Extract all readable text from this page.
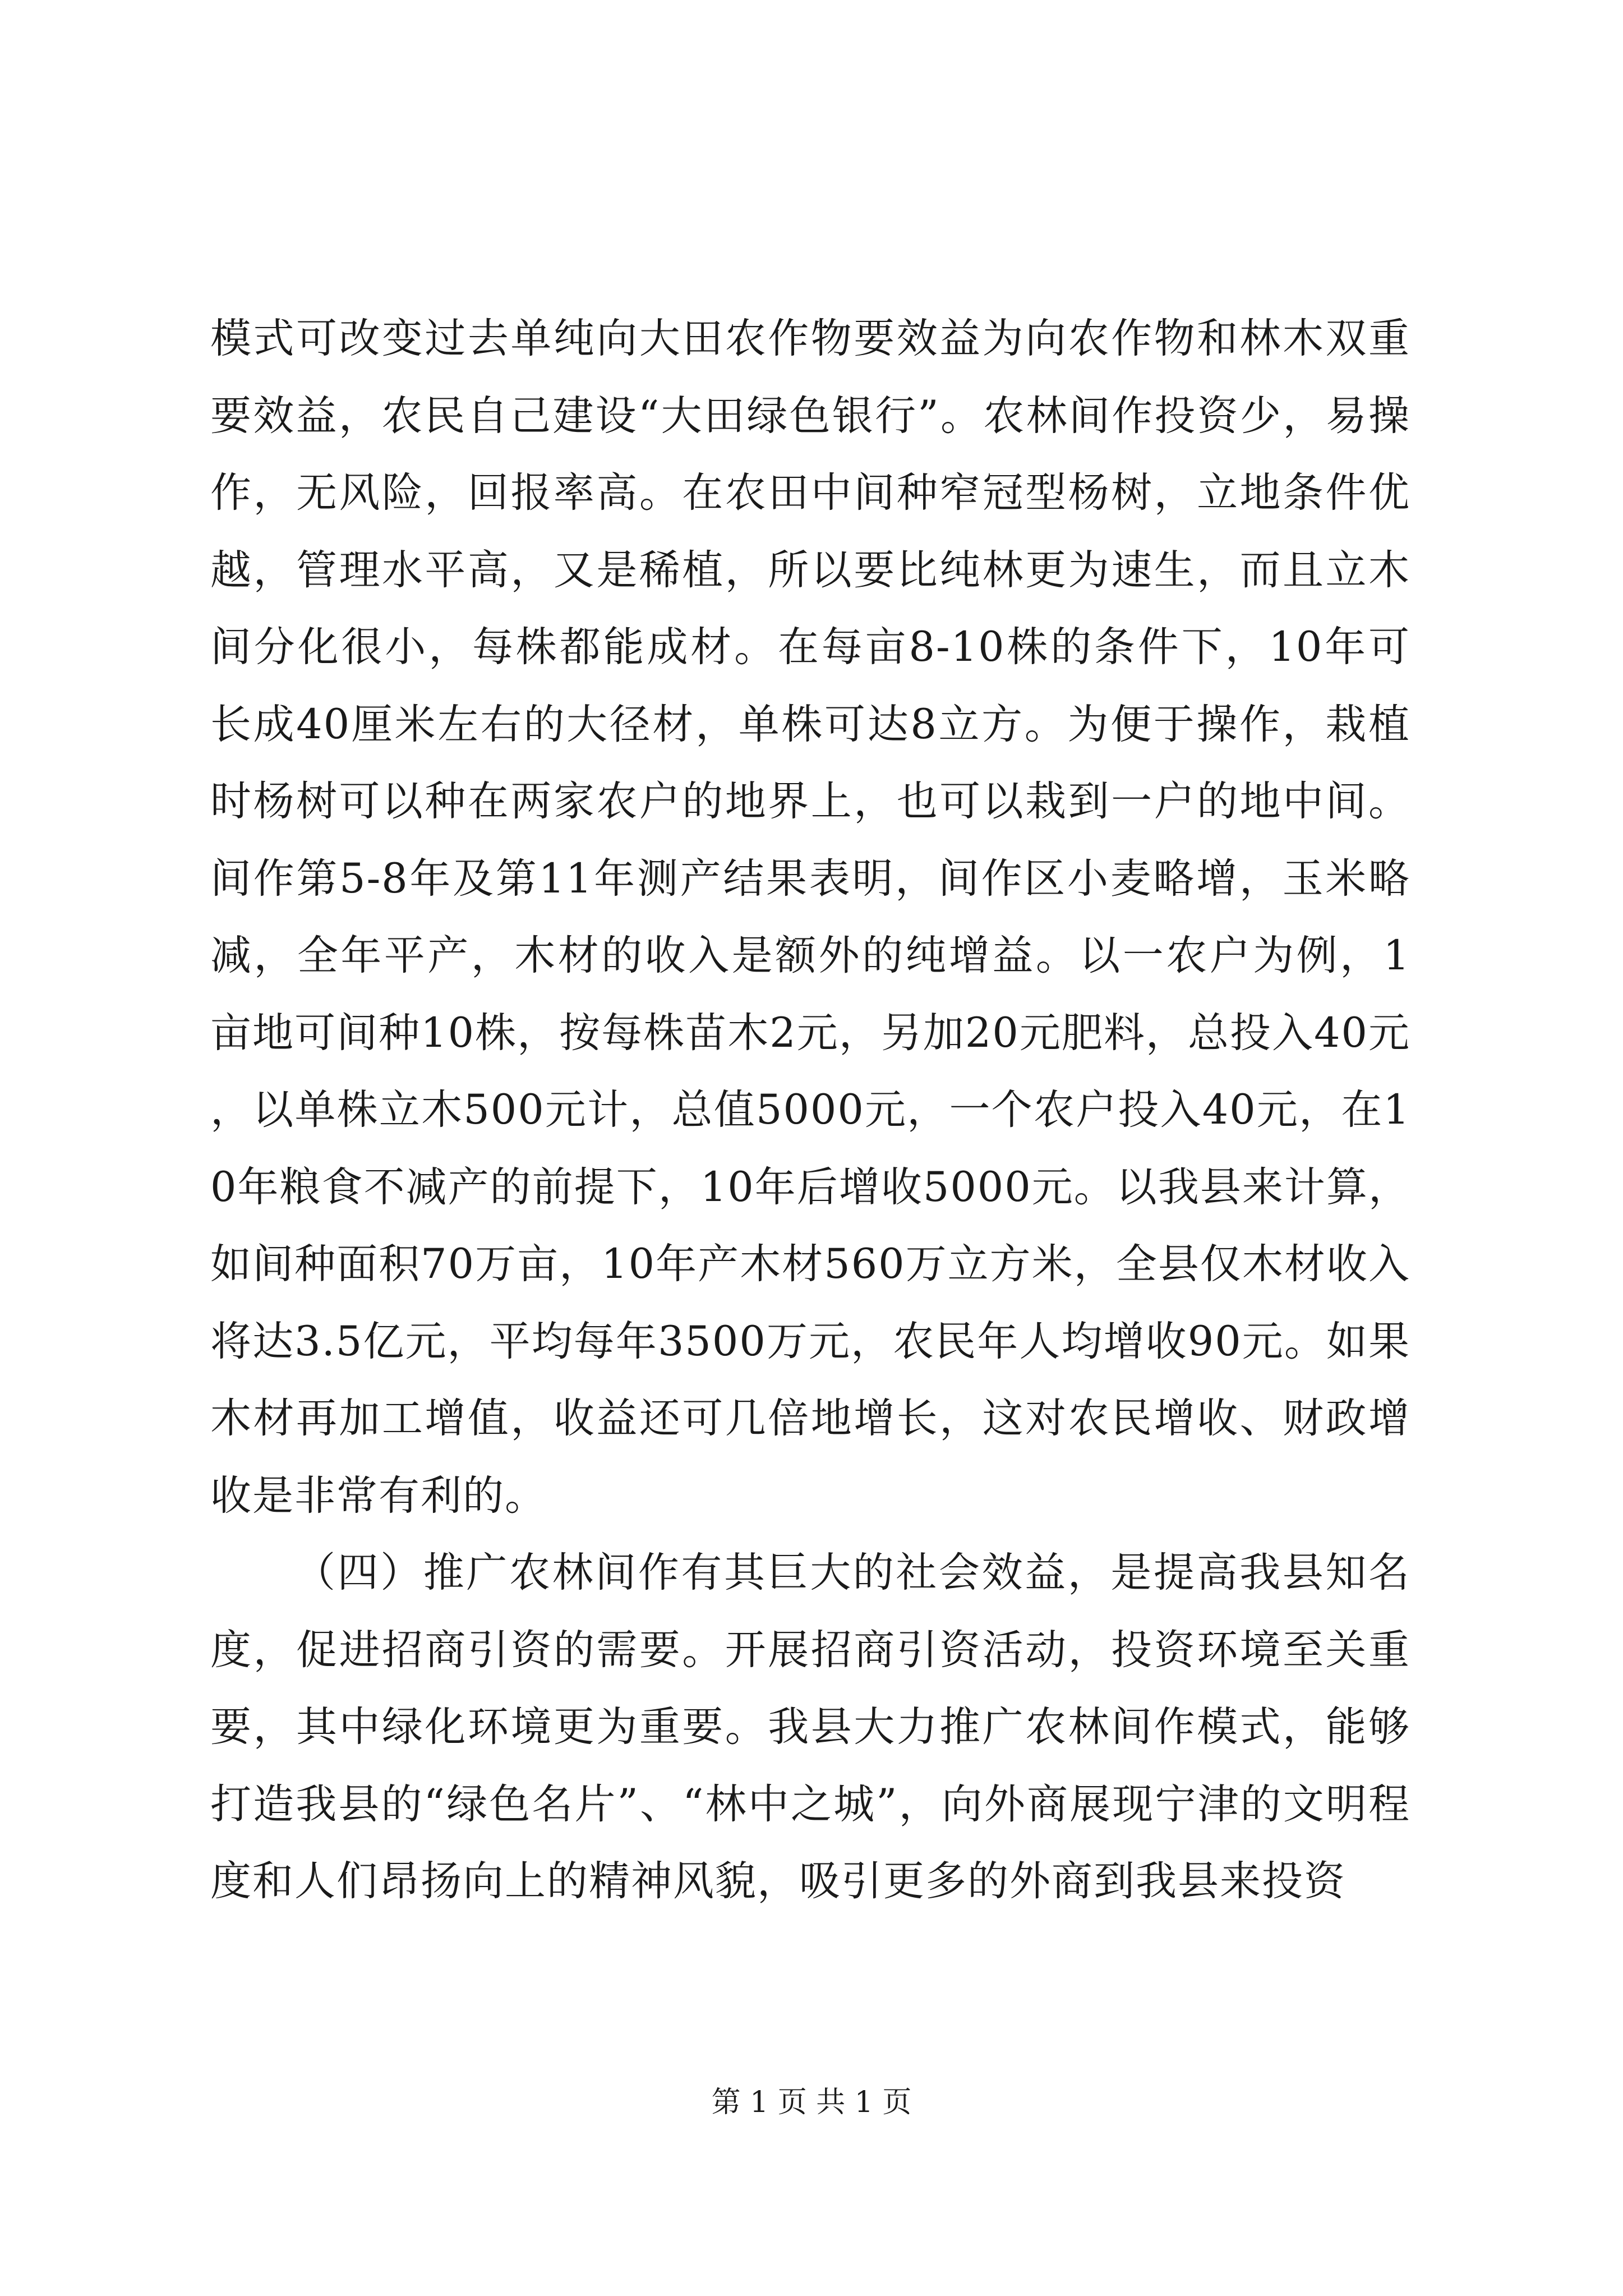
模式可改变过去单纯向大田农作物要效益为向农作物和林木双重要效益，农民自己建设“大田绿色银行”。农林间作投资少，易操作，无风险，回报率高。在农田中间种窄冠型杨树，立地条件优越，管理水平高，又是稀植，所以要比纯林更为速生，而且立木间分化很小，每株都能成材。在每亩8-10株的条件下，10年可长成40厘米左右的大径材，单株可达8立方。为便于操作，栽植时杨树可以种在两家农户的地界上，也可以栽到一户的地中间。间作第5-8年及第11年测产结果表明，间作区小麦略增，玉米略减，全年平产，木材的收入是额外的纯增益。以一农户为例，1亩地可间种10株，按每株苗木2元，另加20元肥料，总投入40元，以单株立木500元计，总值5000元，一个农户投入40元，在10年粮食不减产的前提下，10年后增收5000元。以我县来计算，如间种面积70万亩，10年产木材560万立方米，全县仅木材收入将达3.5亿元，平均每年3500万元，农民年人均增收90元。如果木材再加工增值，收益还可几倍地增长，这对农民增收、财政增收是非常有利的。

（四）推广农林间作有其巨大的社会效益，是提高我县知名度，促进招商引资的需要。开展招商引资活动，投资环境至关重要，其中绿化环境更为重要。我县大力推广农林间作模式，能够打造我县的“绿色名片”、“林中之城”，向外商展现宁津的文明程度和人们昂扬向上的精神风貌，吸引更多的外商到我县来投资

第 1 页 共 1 页
